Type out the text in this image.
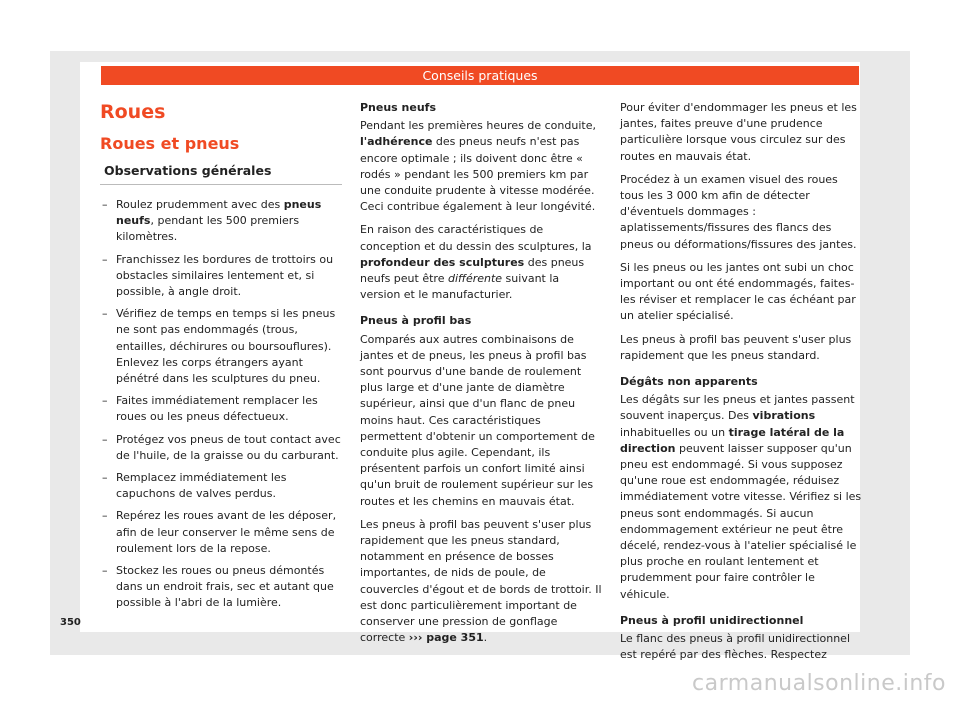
Conseils pratiques
Roues
Roues et pneus
Observations générales
– Roulez prudemment avec des pneus neufs, pendant les 500 premiers kilomètres.
– Franchissez les bordures de trottoirs ou obstacles similaires lentement et, si possible, à angle droit.
– Vérifiez de temps en temps si les pneus ne sont pas endommagés (trous, entailles, déchirures ou boursouflures). Enlevez les corps étrangers ayant pénétré dans les sculptures du pneu.
– Faites immédiatement remplacer les roues ou les pneus défectueux.
– Protégez vos pneus de tout contact avec de l'huile, de la graisse ou du carburant.
– Remplacez immédiatement les capuchons de valves perdus.
– Repérez les roues avant de les déposer, afin de leur conserver le même sens de roulement lors de la repose.
– Stockez les roues ou pneus démontés dans un endroit frais, sec et autant que possible à l'abri de la lumière.
Pneus neufs

Pendant les premières heures de conduite, l'adhérence des pneus neufs n'est pas encore optimale ; ils doivent donc être « rodés » pendant les 500 premiers km par une conduite prudente à vitesse modérée. Ceci contribue également à leur longévité.

En raison des caractéristiques de conception et du dessin des sculptures, la profondeur des sculptures des pneus neufs peut être différente suivant la version et le manufacturier.

Pneus à profil bas

Comparés aux autres combinaisons de jantes et de pneus, les pneus à profil bas sont pourvus d'une bande de roulement plus large et d'une jante de diamètre supérieur, ainsi que d'un flanc de pneu moins haut. Ces caractéristiques permettent d'obtenir un comportement de conduite plus agile. Cependant, ils présentent parfois un confort limité ainsi qu'un bruit de roulement supérieur sur les routes et les chemins en mauvais état.

Les pneus à profil bas peuvent s'user plus rapidement que les pneus standard, notamment en présence de bosses importantes, de nids de poule, de couvercles d'égout et de bords de trottoir. Il est donc particulièrement important de conserver une pression de gonflage correcte ››› page 351.

Pour éviter d'endommager les pneus et les jantes, faites preuve d'une prudence particulière lorsque vous circulez sur des routes en mauvais état.

Procédez à un examen visuel des roues tous les 3 000 km afin de détecter d'éventuels dommages : aplatissements/fissures des flancs des pneus ou déformations/fissures des jantes.

Si les pneus ou les jantes ont subi un choc important ou ont été endommagés, faites-les réviser et remplacer le cas échéant par un atelier spécialisé.

Les pneus à profil bas peuvent s'user plus rapidement que les pneus standard.

Dégâts non apparents

Les dégâts sur les pneus et jantes passent souvent inaperçus. Des vibrations inhabituelles ou un tirage latéral de la direction peuvent laisser supposer qu'un pneu est endommagé. Si vous supposez qu'une roue est endommagée, réduisez immédiatement votre vitesse. Vérifiez si les pneus sont endommagés. Si aucun endommagement extérieur ne peut être décelé, rendez-vous à l'atelier spécialisé le plus proche en roulant lentement et prudemment pour faire contrôler le véhicule.

Pneus à profil unidirectionnel

Le flanc des pneus à profil unidirectionnel est repéré par des flèches. Respectez

350
carmanualsonline.info
